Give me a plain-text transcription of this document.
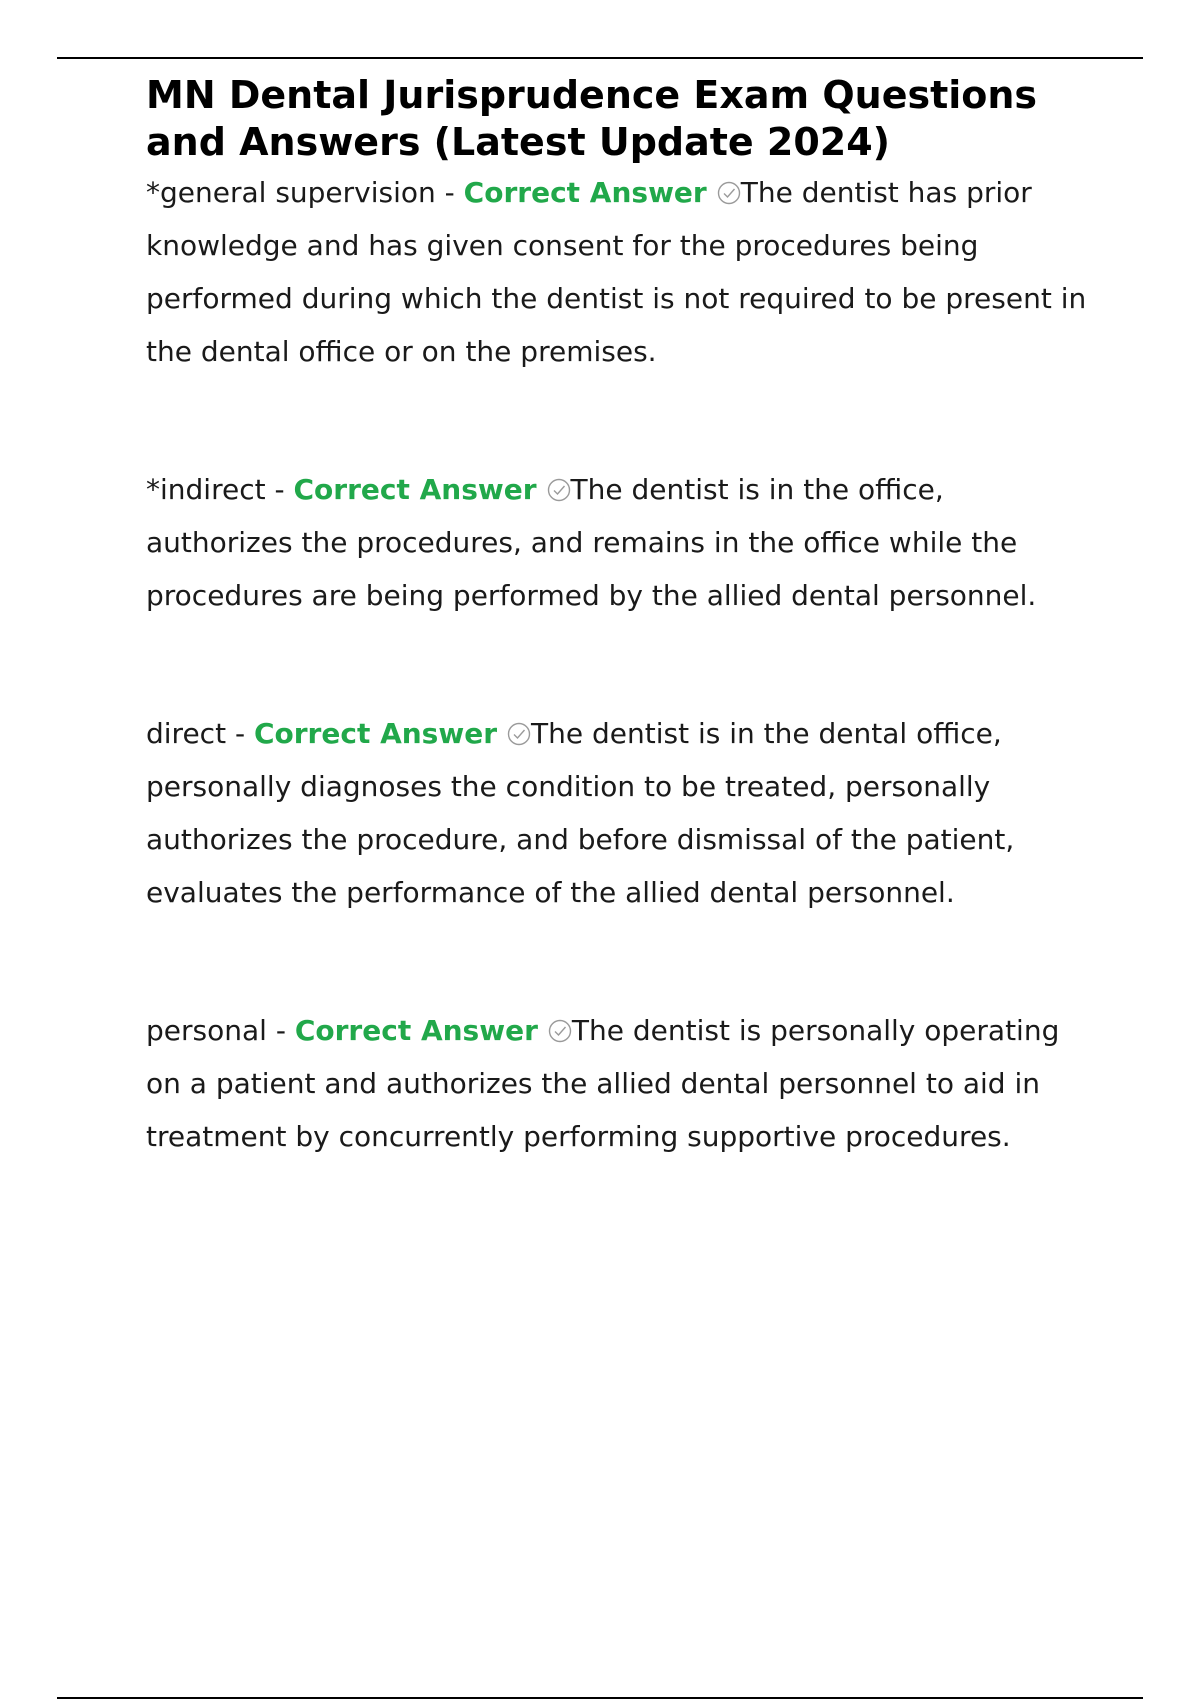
MN Dental Jurisprudence Exam Questions and Answers (Latest Update 2024)

*general supervision - Correct Answer The dentist has prior knowledge and has given consent for the procedures being performed during which the dentist is not required to be present in the dental office or on the premises.

*indirect - Correct Answer The dentist is in the office, authorizes the procedures, and remains in the office while the procedures are being performed by the allied dental personnel.

direct - Correct Answer The dentist is in the dental office, personally diagnoses the condition to be treated, personally authorizes the procedure, and before dismissal of the patient, evaluates the performance of the allied dental personnel.

personal - Correct Answer The dentist is personally operating on a patient and authorizes the allied dental personnel to aid in treatment by concurrently performing supportive procedures.
